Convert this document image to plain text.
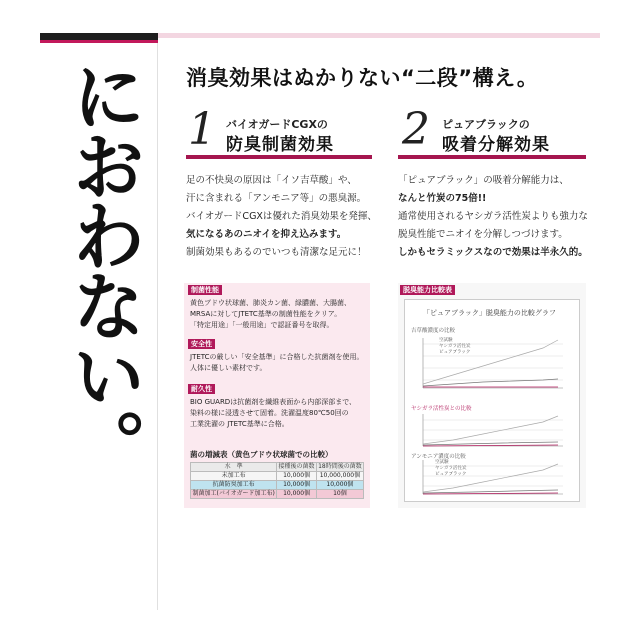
におわない。 消臭効果はぬかりない“二段”構え。
1 バイオガードCGXの
防臭制菌効果
足の不快臭の原因は「イソ吉草酸」や、
汗に含まれる「アンモニア等」の悪臭源。
バイオガードCGXは優れた消臭効果を発揮、
気になるあのニオイを抑え込みます。
制菌効果もあるのでいつも清潔な足元に！
2 ピュアブラックの
吸着分解効果
「ピュアブラック」の吸着分解能力は、
なんと竹炭の75倍!!
通常使用されるヤシガラ活性炭よりも強力な
脱臭性能でニオイを分解しつづけます。
しかもセラミックスなので効果は半永久的。
制菌性能
黄色ブドウ状球菌、肺炎カン菌、緑膿菌、大腸菌、
MRSAに対してJTETC基準の制菌性能をクリア。
「特定用途」「一般用途」で認証番号を取得。
安全性
JTETCの厳しい「安全基準」に合格した抗菌剤を使用。
人体に優しい素材です。
耐久性
BIO GUARDは抗菌剤を繊維表面から内部深部まで、
染料の様に浸透させて固着。洗濯温度80℃50回の
工業洗濯の JTETC基準に合格。
菌の増減表（黄色ブドウ状球菌での比較）
水　準	接種後の菌数	18時間後の菌数
未加工布	10,000個	10,000,000個
抗菌防臭加工布	10,000個	10,000個
制菌加工(バイオガード加工布)	10,000個	10個
脱臭能力比較表
「ピュアブラック」脱臭能力の比較グラフ
吉草酸濃度の比較
空試験
ヤシガラ活性炭
ピュアブラック
ヤシガラ活性炭との比較
アンモニア濃度の比較
空試験
ヤシガラ活性炭
ピュアブラック
